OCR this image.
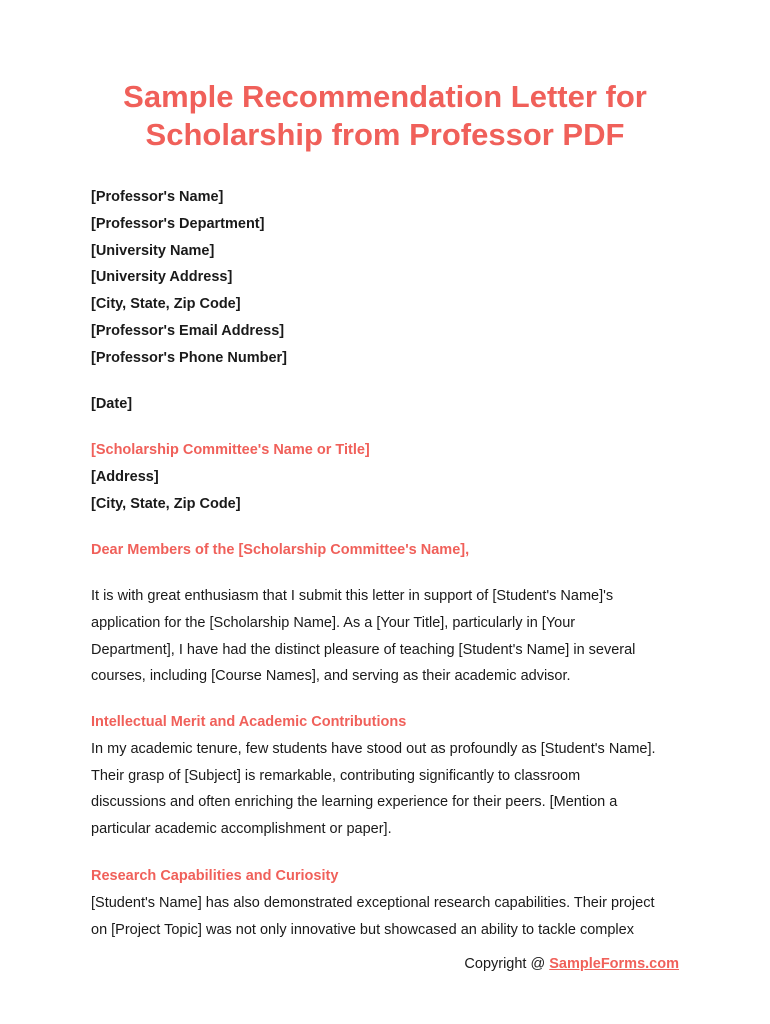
Sample Recommendation Letter for
Scholarship from Professor PDF
[Professor's Name]
[Professor's Department]
[University Name]
[University Address]
[City, State, Zip Code]
[Professor's Email Address]
[Professor's Phone Number]
[Date]
[Scholarship Committee's Name or Title]
[Address]
[City, State, Zip Code]
Dear Members of the [Scholarship Committee's Name],
It is with great enthusiasm that I submit this letter in support of [Student's Name]'s
application for the [Scholarship Name]. As a [Your Title], particularly in [Your
Department], I have had the distinct pleasure of teaching [Student's Name] in several
courses, including [Course Names], and serving as their academic advisor.
Intellectual Merit and Academic Contributions
In my academic tenure, few students have stood out as profoundly as [Student's Name].
Their grasp of [Subject] is remarkable, contributing significantly to classroom
discussions and often enriching the learning experience for their peers. [Mention a
particular academic accomplishment or paper].
Research Capabilities and Curiosity
[Student's Name] has also demonstrated exceptional research capabilities. Their project
on [Project Topic] was not only innovative but showcased an ability to tackle complex
Copyright @ SampleForms.com
